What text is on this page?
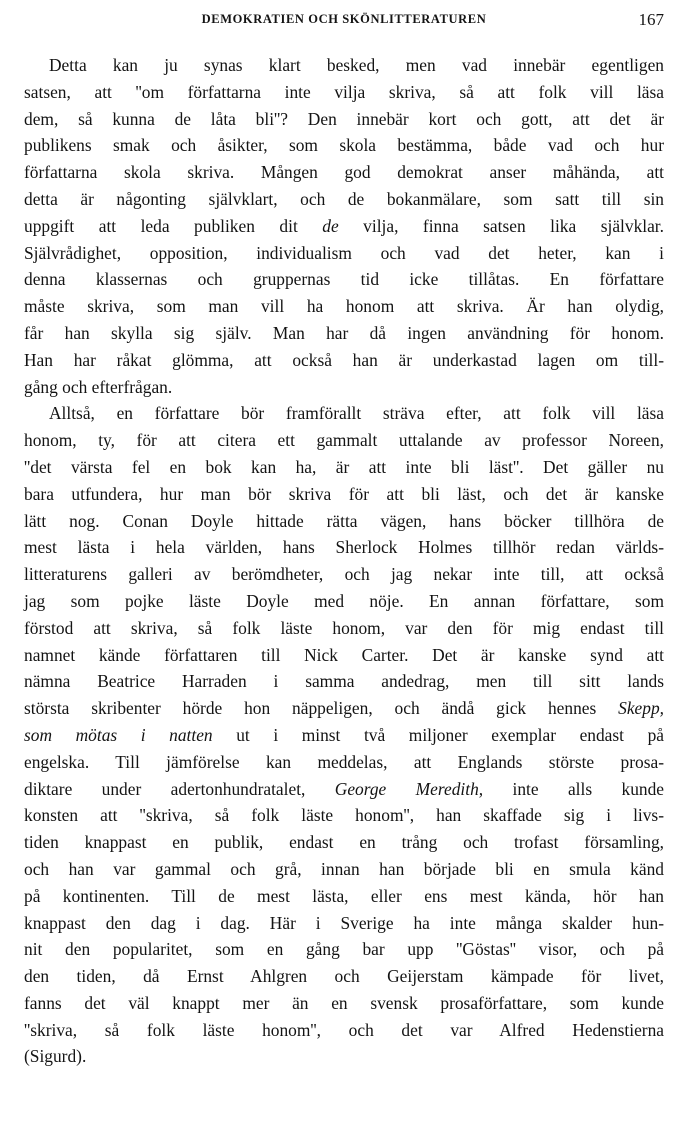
DEMOKRATIEN OCH SKÖNLITTERATUREN	167
Detta kan ju synas klart besked, men vad innebär egentligen
satsen, att ''om författarna inte vilja skriva, så att folk vill läsa
dem, så kunna de låta bli''? Den innebär kort och gott, att det är
publikens smak och åsikter, som skola bestämma, både vad och hur
författarna skola skriva. Mången god demokrat anser måhända, att
detta är någonting självklart, och de bokanmälare, som satt till sin
uppgift att leda publiken dit de vilja, finna satsen lika självklar.
Självrådighet, opposition, individualism och vad det heter, kan i
denna klassernas och gruppernas tid icke tillåtas. En författare
måste skriva, som man vill ha honom att skriva. Är han olydig,
får han skylla sig själv. Man har då ingen användning för honom.
Han har råkat glömma, att också han är underkastad lagen om till-
gång och efterfrågan.
Alltså, en författare bör framförallt sträva efter, att folk vill läsa
honom, ty, för att citera ett gammalt uttalande av professor Noreen,
''det värsta fel en bok kan ha, är att inte bli läst''. Det gäller nu
bara utfundera, hur man bör skriva för att bli läst, och det är kanske
lätt nog. Conan Doyle hittade rätta vägen, hans böcker tillhöra de
mest lästa i hela världen, hans Sherlock Holmes tillhör redan världs-
litteraturens galleri av berömdheter, och jag nekar inte till, att också
jag som pojke läste Doyle med nöje. En annan författare, som
förstod att skriva, så folk läste honom, var den för mig endast till
namnet kände författaren till Nick Carter. Det är kanske synd att
nämna Beatrice Harraden i samma andedrag, men till sitt lands
största skribenter hörde hon näppeligen, och ändå gick hennes Skepp,
som mötas i natten ut i minst två miljoner exemplar endast på
engelska. Till jämförelse kan meddelas, att Englands störste prosa-
diktare under adertonhundratalet, George Meredith, inte alls kunde
konsten att ''skriva, så folk läste honom'', han skaffade sig i livs-
tiden knappast en publik, endast en trång och trofast församling,
och han var gammal och grå, innan han började bli en smula känd
på kontinenten. Till de mest lästa, eller ens mest kända, hör han
knappast den dag i dag. Här i Sverige ha inte många skalder hun-
nit den popularitet, som en gång bar upp ''Göstas'' visor, och på
den tiden, då Ernst Ahlgren och Geijerstam kämpade för livet,
fanns det väl knappt mer än en svensk prosaförfattare, som kunde
''skriva, så folk läste honom'', och det var Alfred Hedenstierna
(Sigurd).
